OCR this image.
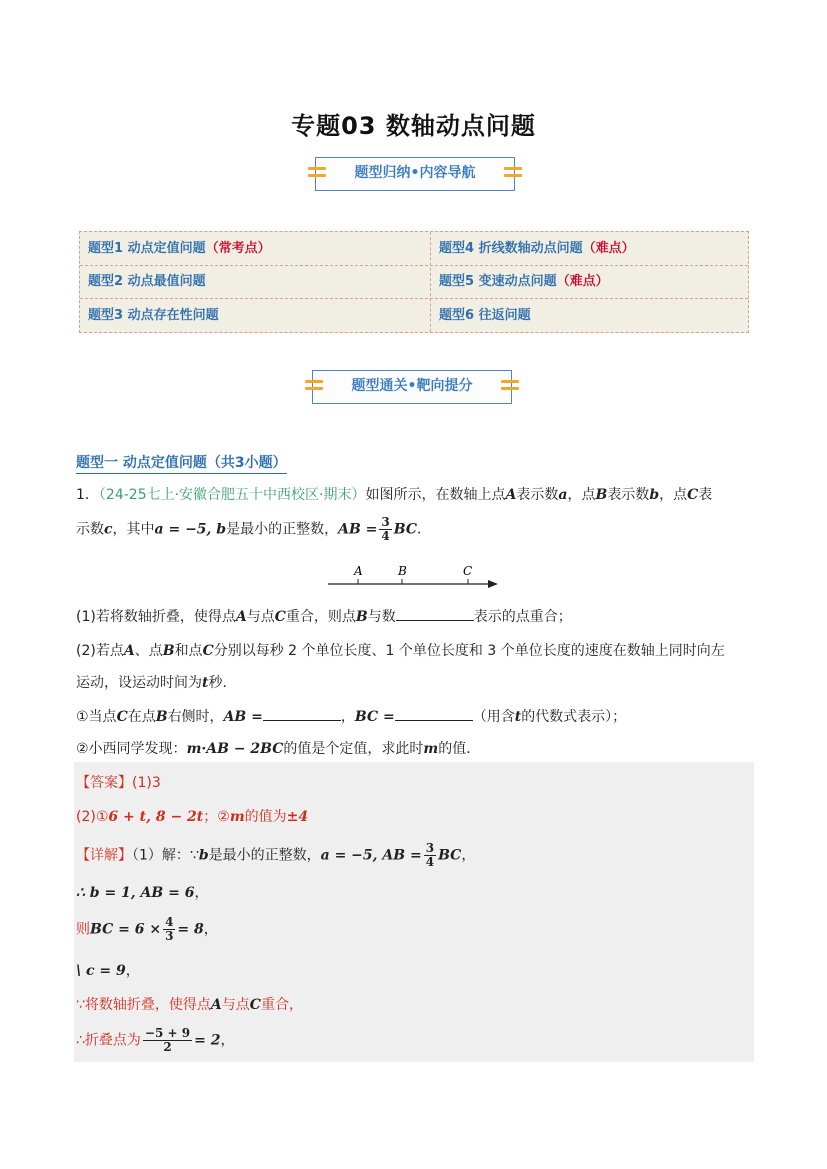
专题03 数轴动点问题
题型归纳•内容导航
题型1 动点定值问题（常考点）	题型4 折线数轴动点问题（难点）
题型2 动点最值问题	题型5 变速动点问题（难点）
题型3 动点存在性问题	题型6 往返问题
题型通关•靶向提分
题型一 动点定值问题（共3小题）
1．（24-25七上·安徽合肥五十中西校区·期末）如图所示，在数轴上点A表示数a，点B表示数b，点C表
示数c，其中a = −5, b是最小的正整数，AB = $\frac{3}{4}$ BC．
A	B	C
(1)若将数轴折叠，使得点A与点C重合，则点B与数	表示的点重合；
(2)若点A、点B和点C分别以每秒 2 个单位长度、1 个单位长度和 3 个单位长度的速度在数轴上同时向左
运动，设运动时间为t秒．
①当点C在点B右侧时，AB =	，BC =	（用含t的代数式表示）；
②小西同学发现：m·AB − 2BC的值是个定值，求此时m的值．
【答案】(1)3
(2)①6 + t, 8 − 2t；②m的值为±4
【详解】（1）解：∵b是最小的正整数，a = −5, AB = $\frac{3}{4}$ BC，
∴ b = 1, AB = 6，
则BC = $6 \times \frac{4}{3} = 8$，
\ c = 9，
∵将数轴折叠，使得点A与点C重合，
∴折叠点为 $\frac{-5 + 9}{2} = 2$，
